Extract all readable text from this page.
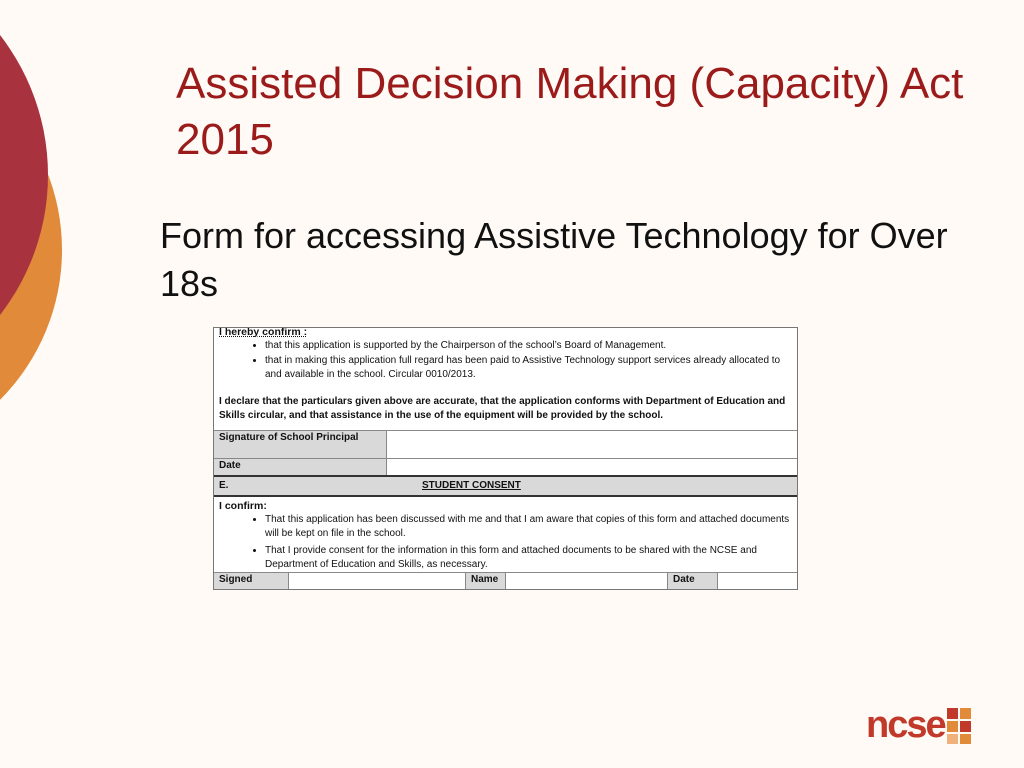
Assisted Decision Making (Capacity) Act 2015

Form for accessing Assistive Technology for Over 18s

I hereby confirm :
• that this application is supported by the Chairperson of the school’s Board of Management.
• that in making this application full regard has been paid to Assistive Technology support services already allocated to and available in the school. Circular 0010/2013.
I declare that the particulars given above are accurate, that the application conforms with Department of Education and Skills circular, and that assistance in the use of the equipment will be provided by the school.
Signature of School Principal
Date
E.	STUDENT CONSENT
I confirm:
• That this application has been discussed with me and that I am aware that copies of this form and attached documents will be kept on file in the school.
• That I provide consent for the information in this form and attached documents to be shared with the NCSE and Department of Education and Skills, as necessary.
Signed	Name	Date
ncse
